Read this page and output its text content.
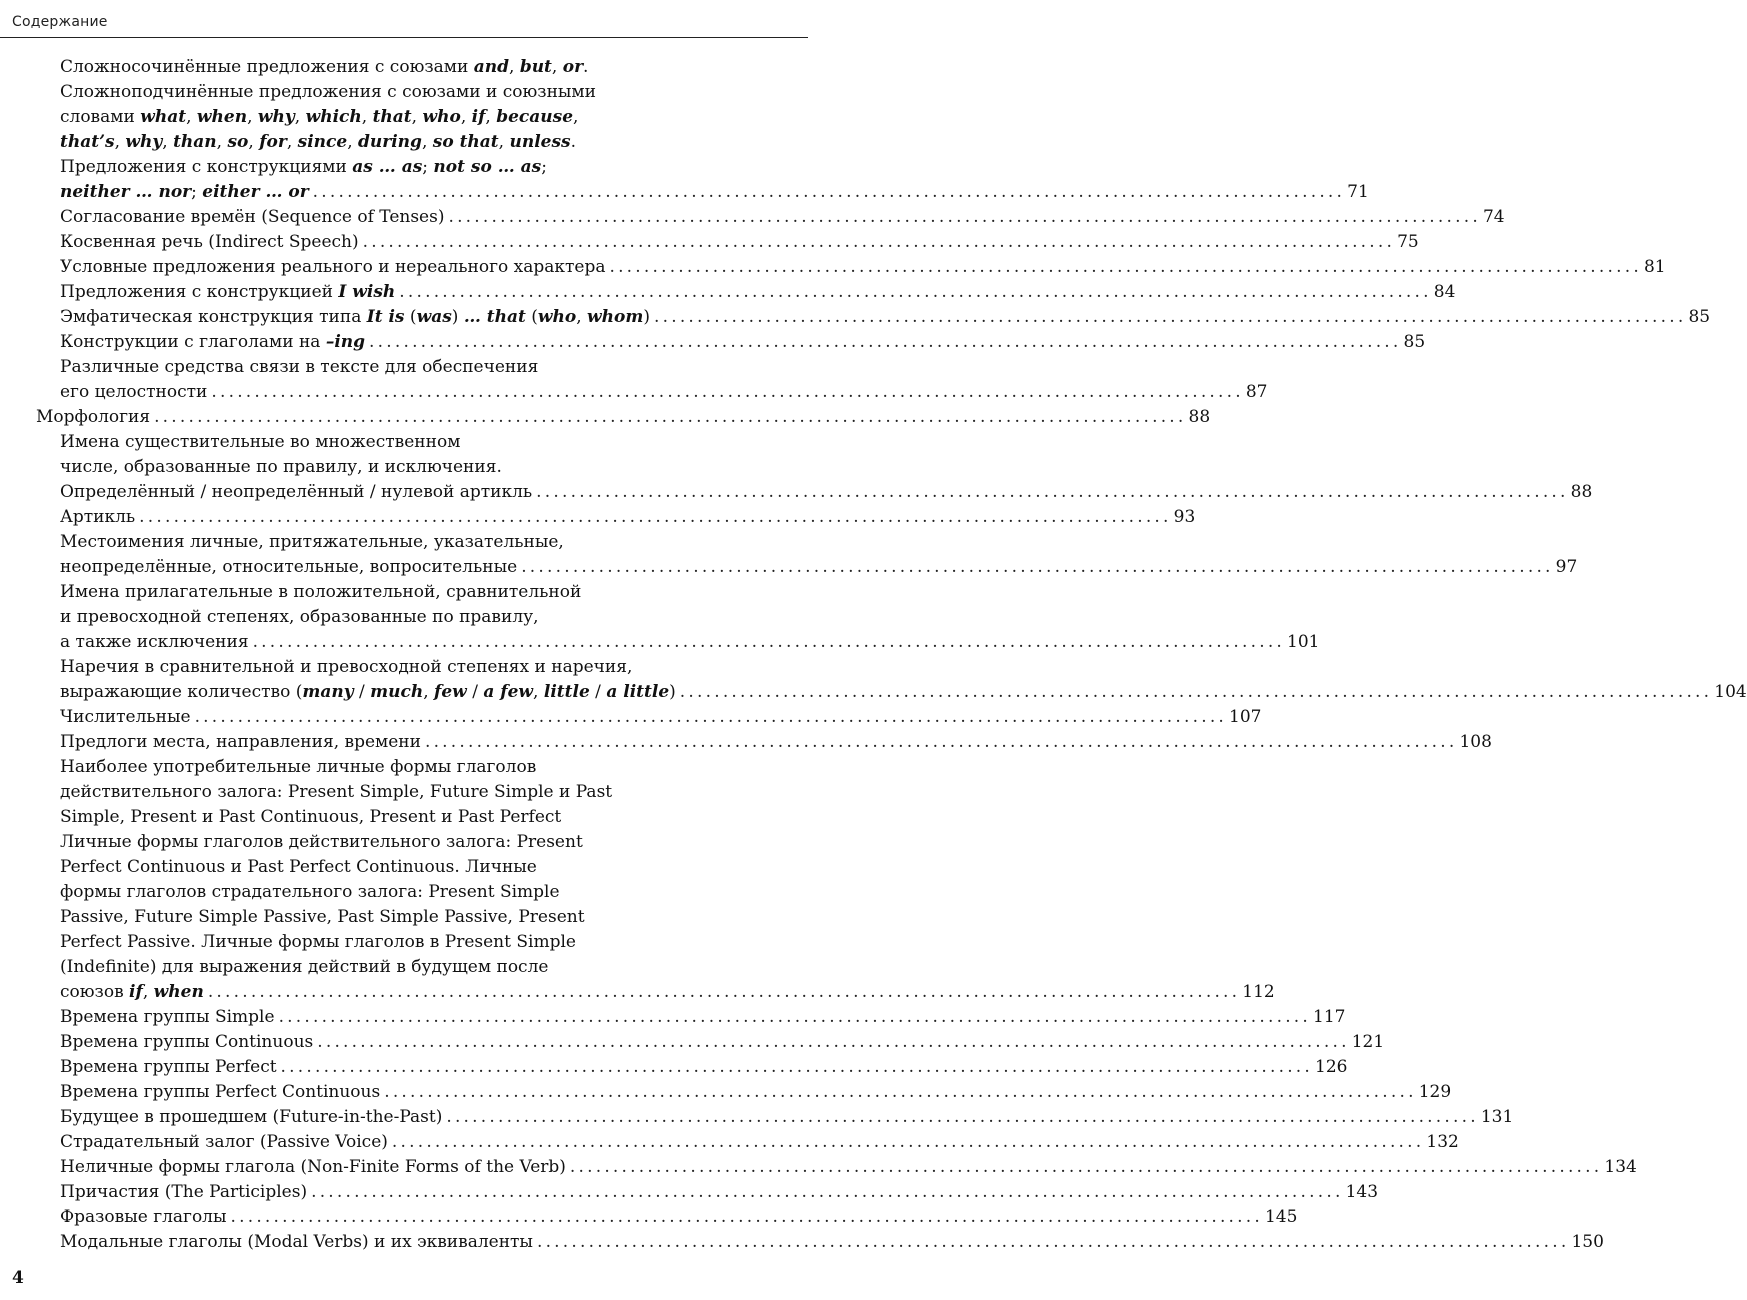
Содержание
Сложносочинённые предложения с союзами and, but, or.
Сложноподчинённые предложения с союзами и союзными
словами what, when, why, which, that, who, if, because,
that’s, why, than, so, for, since, during, so that, unless.
Предложения с конструкциями as … as; not so … as;
neither … nor; either … or ........................................................................................................................ 71
Согласование времён (Sequence of Tenses) ........................................................................................................................ 74
Косвенная речь (Indirect Speech) ........................................................................................................................ 75
Условные предложения реального и нереального характера ........................................................................................................................ 81
Предложения с конструкцией I wish ........................................................................................................................ 84
Эмфатическая конструкция типа It is (was) … that (who, whom) ........................................................................................................................ 85
Конструкции с глаголами на –ing ........................................................................................................................ 85
Различные средства связи в тексте для обеспечения
его целостности ........................................................................................................................ 87
Морфология ........................................................................................................................ 88
Имена существительные во множественном
числе, образованные по правилу, и исключения.
Определённый / неопределённый / нулевой артикль ........................................................................................................................ 88
Артикль ........................................................................................................................ 93
Местоимения личные, притяжательные, указательные,
неопределённые, относительные, вопросительные ........................................................................................................................ 97
Имена прилагательные в положительной, сравнительной
и превосходной степенях, образованные по правилу,
а также исключения ........................................................................................................................ 101
Наречия в сравнительной и превосходной степенях и наречия,
выражающие количество (many / much, few / a few, little / a little) ........................................................................................................................ 104
Числительные ........................................................................................................................ 107
Предлоги места, направления, времени ........................................................................................................................ 108
Наиболее употребительные личные формы глаголов
действительного залога: Present Simple, Future Simple и Past
Simple, Present и Past Continuous, Present и Past Perfect
Личные формы глаголов действительного залога: Present
Perfect Continuous и Past Perfect Continuous. Личные
формы глаголов страдательного залога: Present Simple
Passive, Future Simple Passive, Past Simple Passive, Present
Perfect Passive. Личные формы глаголов в Present Simple
(Indefinite) для выражения действий в будущем после
союзов if, when ........................................................................................................................ 112
Времена группы Simple ........................................................................................................................ 117
Времена группы Continuous ........................................................................................................................ 121
Времена группы Perfect ........................................................................................................................ 126
Времена группы Perfect Continuous ........................................................................................................................ 129
Будущее в прошедшем (Future-in-the-Past) ........................................................................................................................ 131
Страдательный залог (Passive Voice) ........................................................................................................................ 132
Неличные формы глагола (Non-Finite Forms of the Verb) ........................................................................................................................ 134
Причастия (The Participles) ........................................................................................................................ 143
Фразовые глаголы ........................................................................................................................ 145
Модальные глаголы (Modal Verbs) и их эквиваленты ........................................................................................................................ 150
4
